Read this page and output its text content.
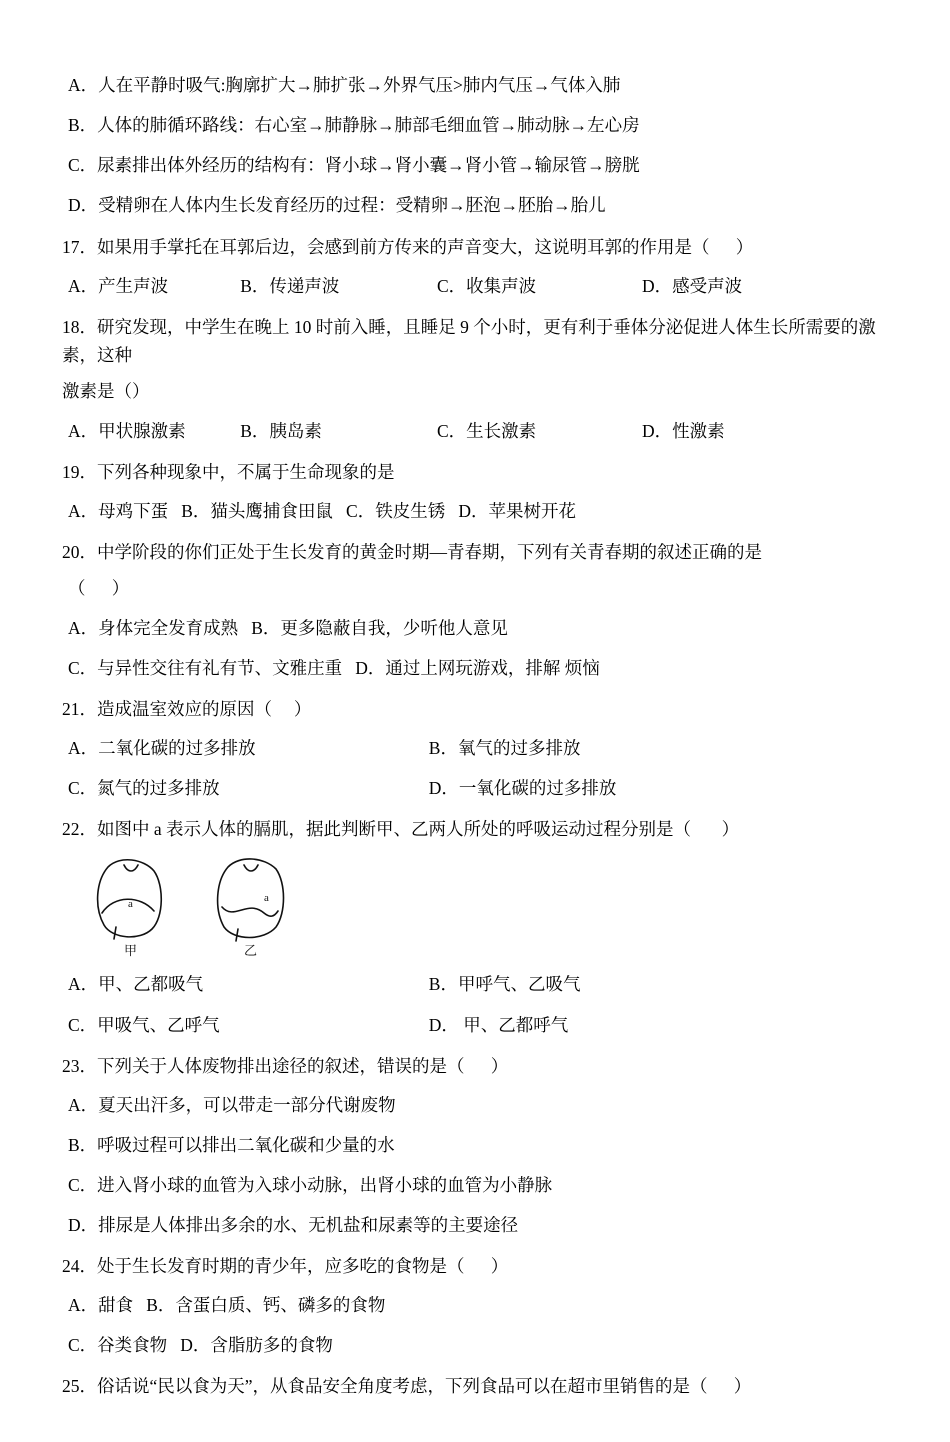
A．人在平静时吸气:胸廓扩大→肺扩张→外界气压>肺内气压→气体入肺
B．人体的肺循环路线：右心室→肺静脉→肺部毛细血管→肺动脉→左心房
C．尿素排出体外经历的结构有：肾小球→肾小囊→肾小管→输尿管→膀胱
D．受精卵在人体内生长发育经历的过程：受精卵→胚泡→胚胎→胎儿
17．如果用手掌托在耳郭后边，会感到前方传来的声音变大，这说明耳郭的作用是（      ）
A．产生声波	B．传递声波	C．收集声波	D．感受声波
18．研究发现，中学生在晚上 10 时前入睡，且睡足 9 个小时，更有利于垂体分泌促进人体生长所需要的激素，这种
激素是（）
A．甲状腺激素	B．胰岛素	C．生长激素	D．性激素
19．下列各种现象中，不属于生命现象的是
A．母鸡下蛋   B．猫头鹰捕食田鼠   C．铁皮生锈   D．苹果树开花
20．中学阶段的你们正处于生长发育的黄金时期—青春期，下列有关青春期的叙述正确的是
（      ）
A．身体完全发育成熟   B．更多隐蔽自我，少听他人意见
C．与异性交往有礼有节、文雅庄重   D．通过上网玩游戏，排解 烦恼
21．造成温室效应的原因（     ）
A．二氧化碳的过多排放	B．氧气的过多排放
C．氮气的过多排放	D．一氧化碳的过多排放
22．如图中 a 表示人体的膈肌，据此判断甲、乙两人所处的呼吸运动过程分别是（       ）
a	a
甲	乙
A．甲、乙都吸气	B．甲呼气、乙吸气
C．甲吸气、乙呼气	D． 甲、乙都呼气
23．下列关于人体废物排出途径的叙述，错误的是（      ）
A．夏天出汗多，可以带走一部分代谢废物
B．呼吸过程可以排出二氧化碳和少量的水
C．进入肾小球的血管为入球小动脉，出肾小球的血管为小静脉
D．排尿是人体排出多余的水、无机盐和尿素等的主要途径
24．处于生长发育时期的青少年，应多吃的食物是（      ）
A．甜食   B．含蛋白质、钙、磷多的食物
C．谷类食物   D．含脂肪多的食物
25．俗话说“民以食为天”，从食品安全角度考虑，下列食品可以在超市里销售的是（      ）
